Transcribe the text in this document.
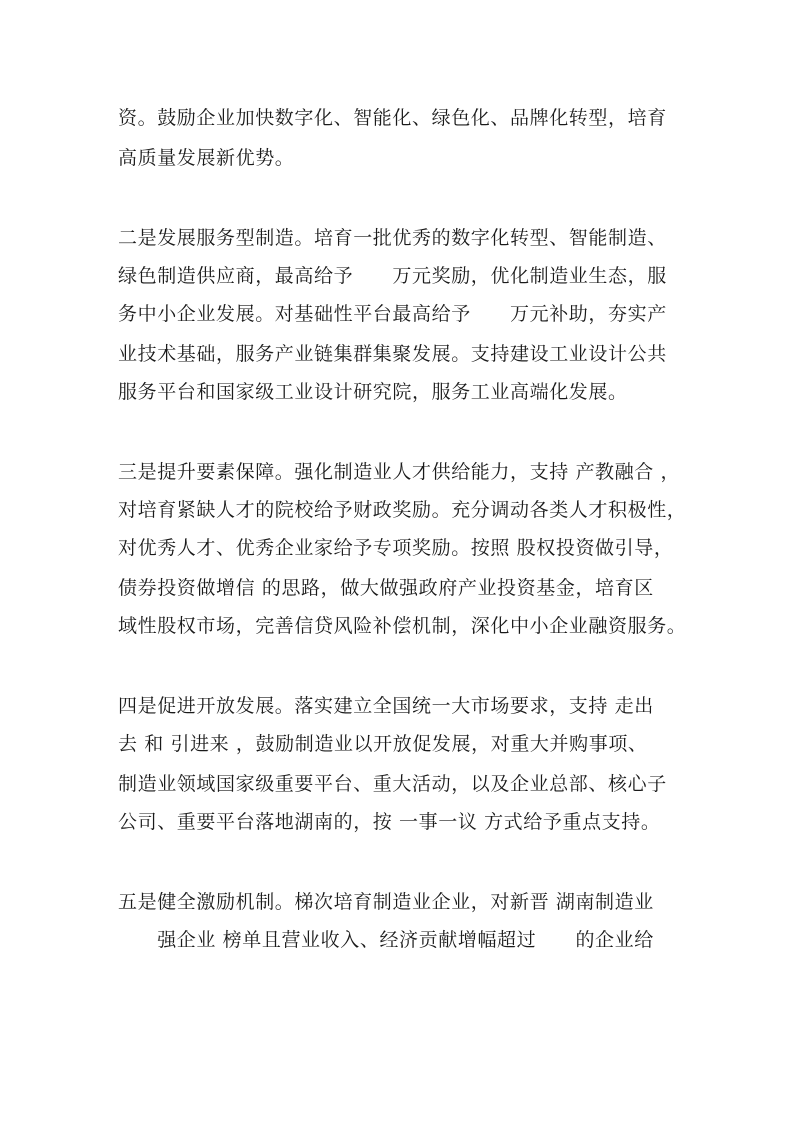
资。鼓励企业加快数字化、智能化、绿色化、品牌化转型，培育
高质量发展新优势。
二是发展服务型制造。培育一批优秀的数字化转型、智能制造、
绿色制造供应商，最高给予　　万元奖励，优化制造业生态，服
务中小企业发展。对基础性平台最高给予　　万元补助，夯实产
业技术基础，服务产业链集群集聚发展。支持建设工业设计公共
服务平台和国家级工业设计研究院，服务工业高端化发展。
三是提升要素保障。强化制造业人才供给能力，支持 产教融合 ，
对培育紧缺人才的院校给予财政奖励。充分调动各类人才积极性，
对优秀人才、优秀企业家给予专项奖励。按照 股权投资做引导，
债券投资做增信 的思路，做大做强政府产业投资基金，培育区
域性股权市场，完善信贷风险补偿机制，深化中小企业融资服务。
四是促进开放发展。落实建立全国统一大市场要求，支持 走出
去 和 引进来 ，鼓励制造业以开放促发展，对重大并购事项、
制造业领域国家级重要平台、重大活动，以及企业总部、核心子
公司、重要平台落地湖南的，按 一事一议 方式给予重点支持。
五是健全激励机制。梯次培育制造业企业，对新晋 湖南制造业
　　强企业 榜单且营业收入、经济贡献增幅超过　　的企业给
